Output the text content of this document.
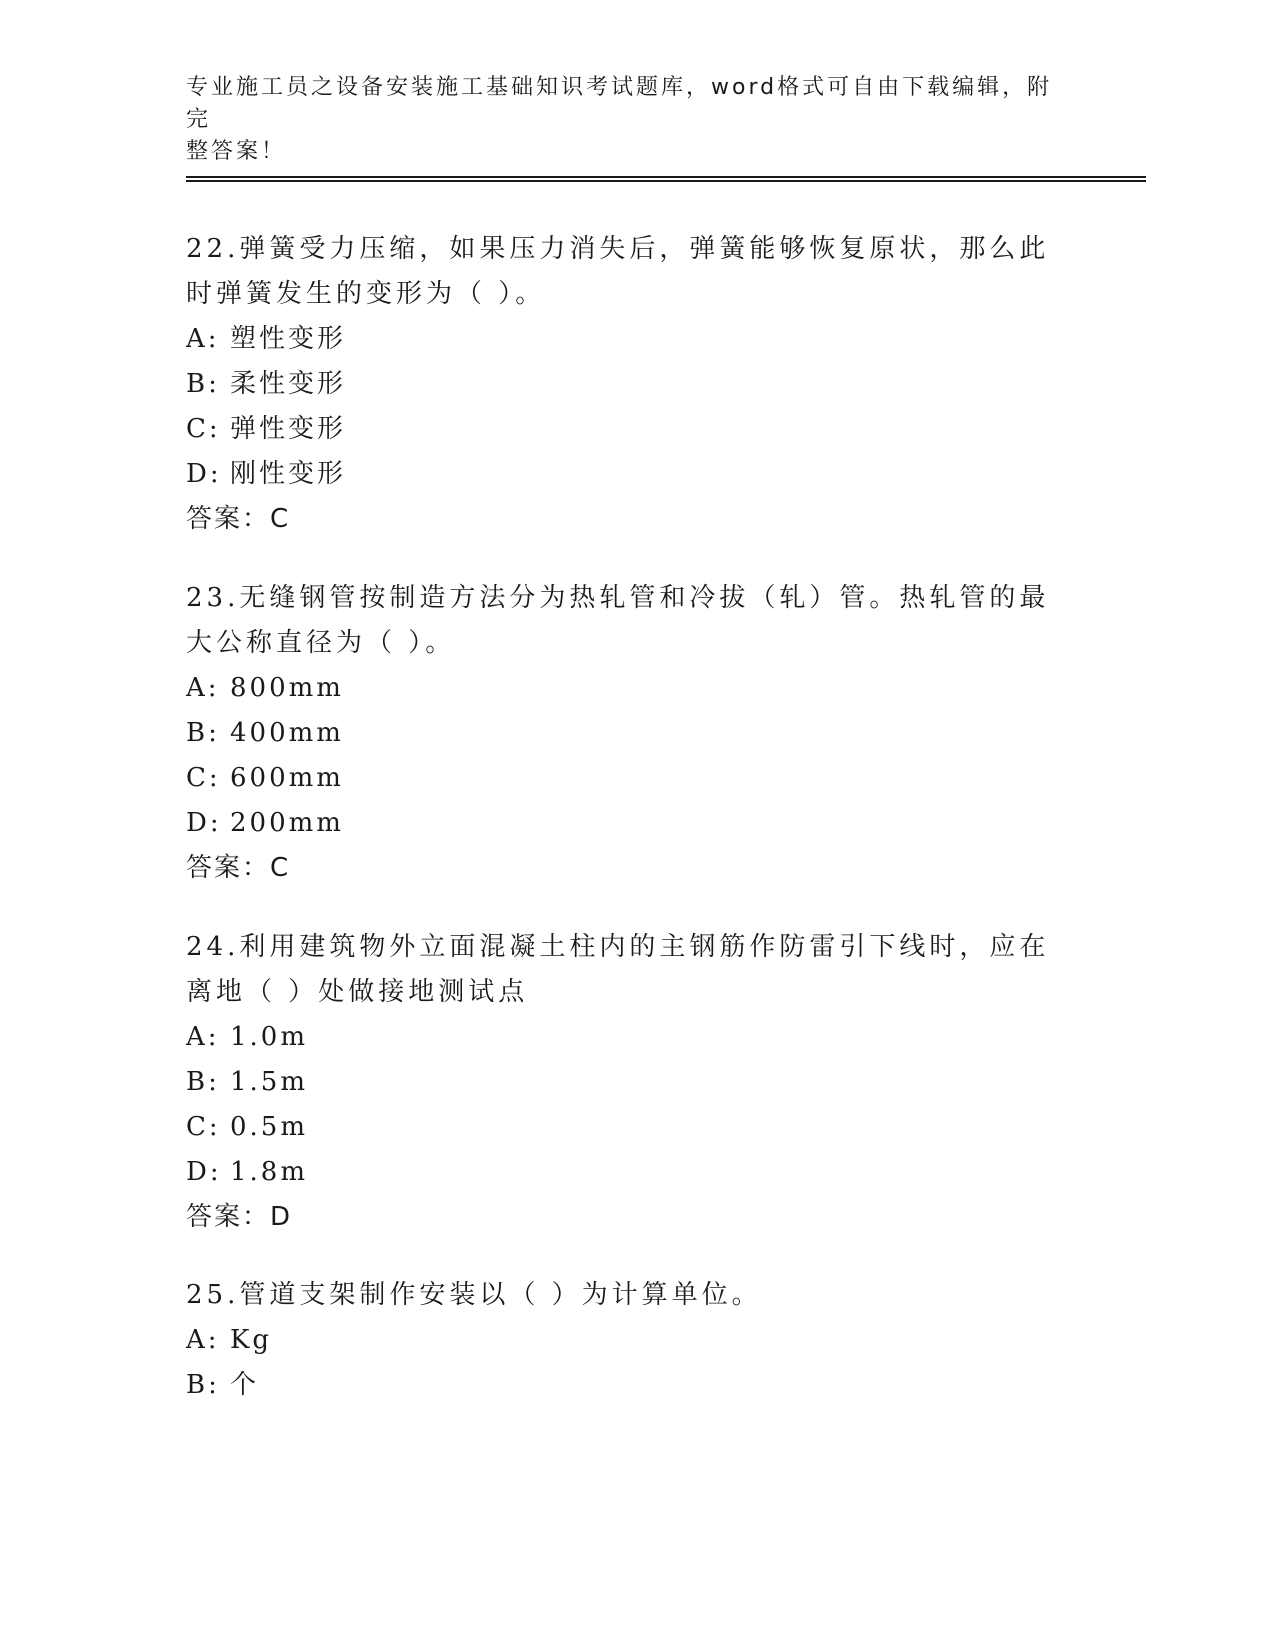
专业施工员之设备安装施工基础知识考试题库，word格式可自由下载编辑，附完
整答案！

22.弹簧受力压缩，如果压力消失后，弹簧能够恢复原状，那么此时弹簧发生的变形为（ ）。

A: 塑性变形

B: 柔性变形

C: 弹性变形

D: 刚性变形

答案：C

23.无缝钢管按制造方法分为热轧管和冷拔（轧）管。热轧管的最大公称直径为（ ）。

A: 800mm

B: 400mm

C: 600mm

D: 200mm

答案：C

24.利用建筑物外立面混凝土柱内的主钢筋作防雷引下线时，应在离地（ ）处做接地测试点

A: 1.0m

B: 1.5m

C: 0.5m

D: 1.8m

答案：D

25.管道支架制作安装以（ ）为计算单位。

A: Kg

B: 个
